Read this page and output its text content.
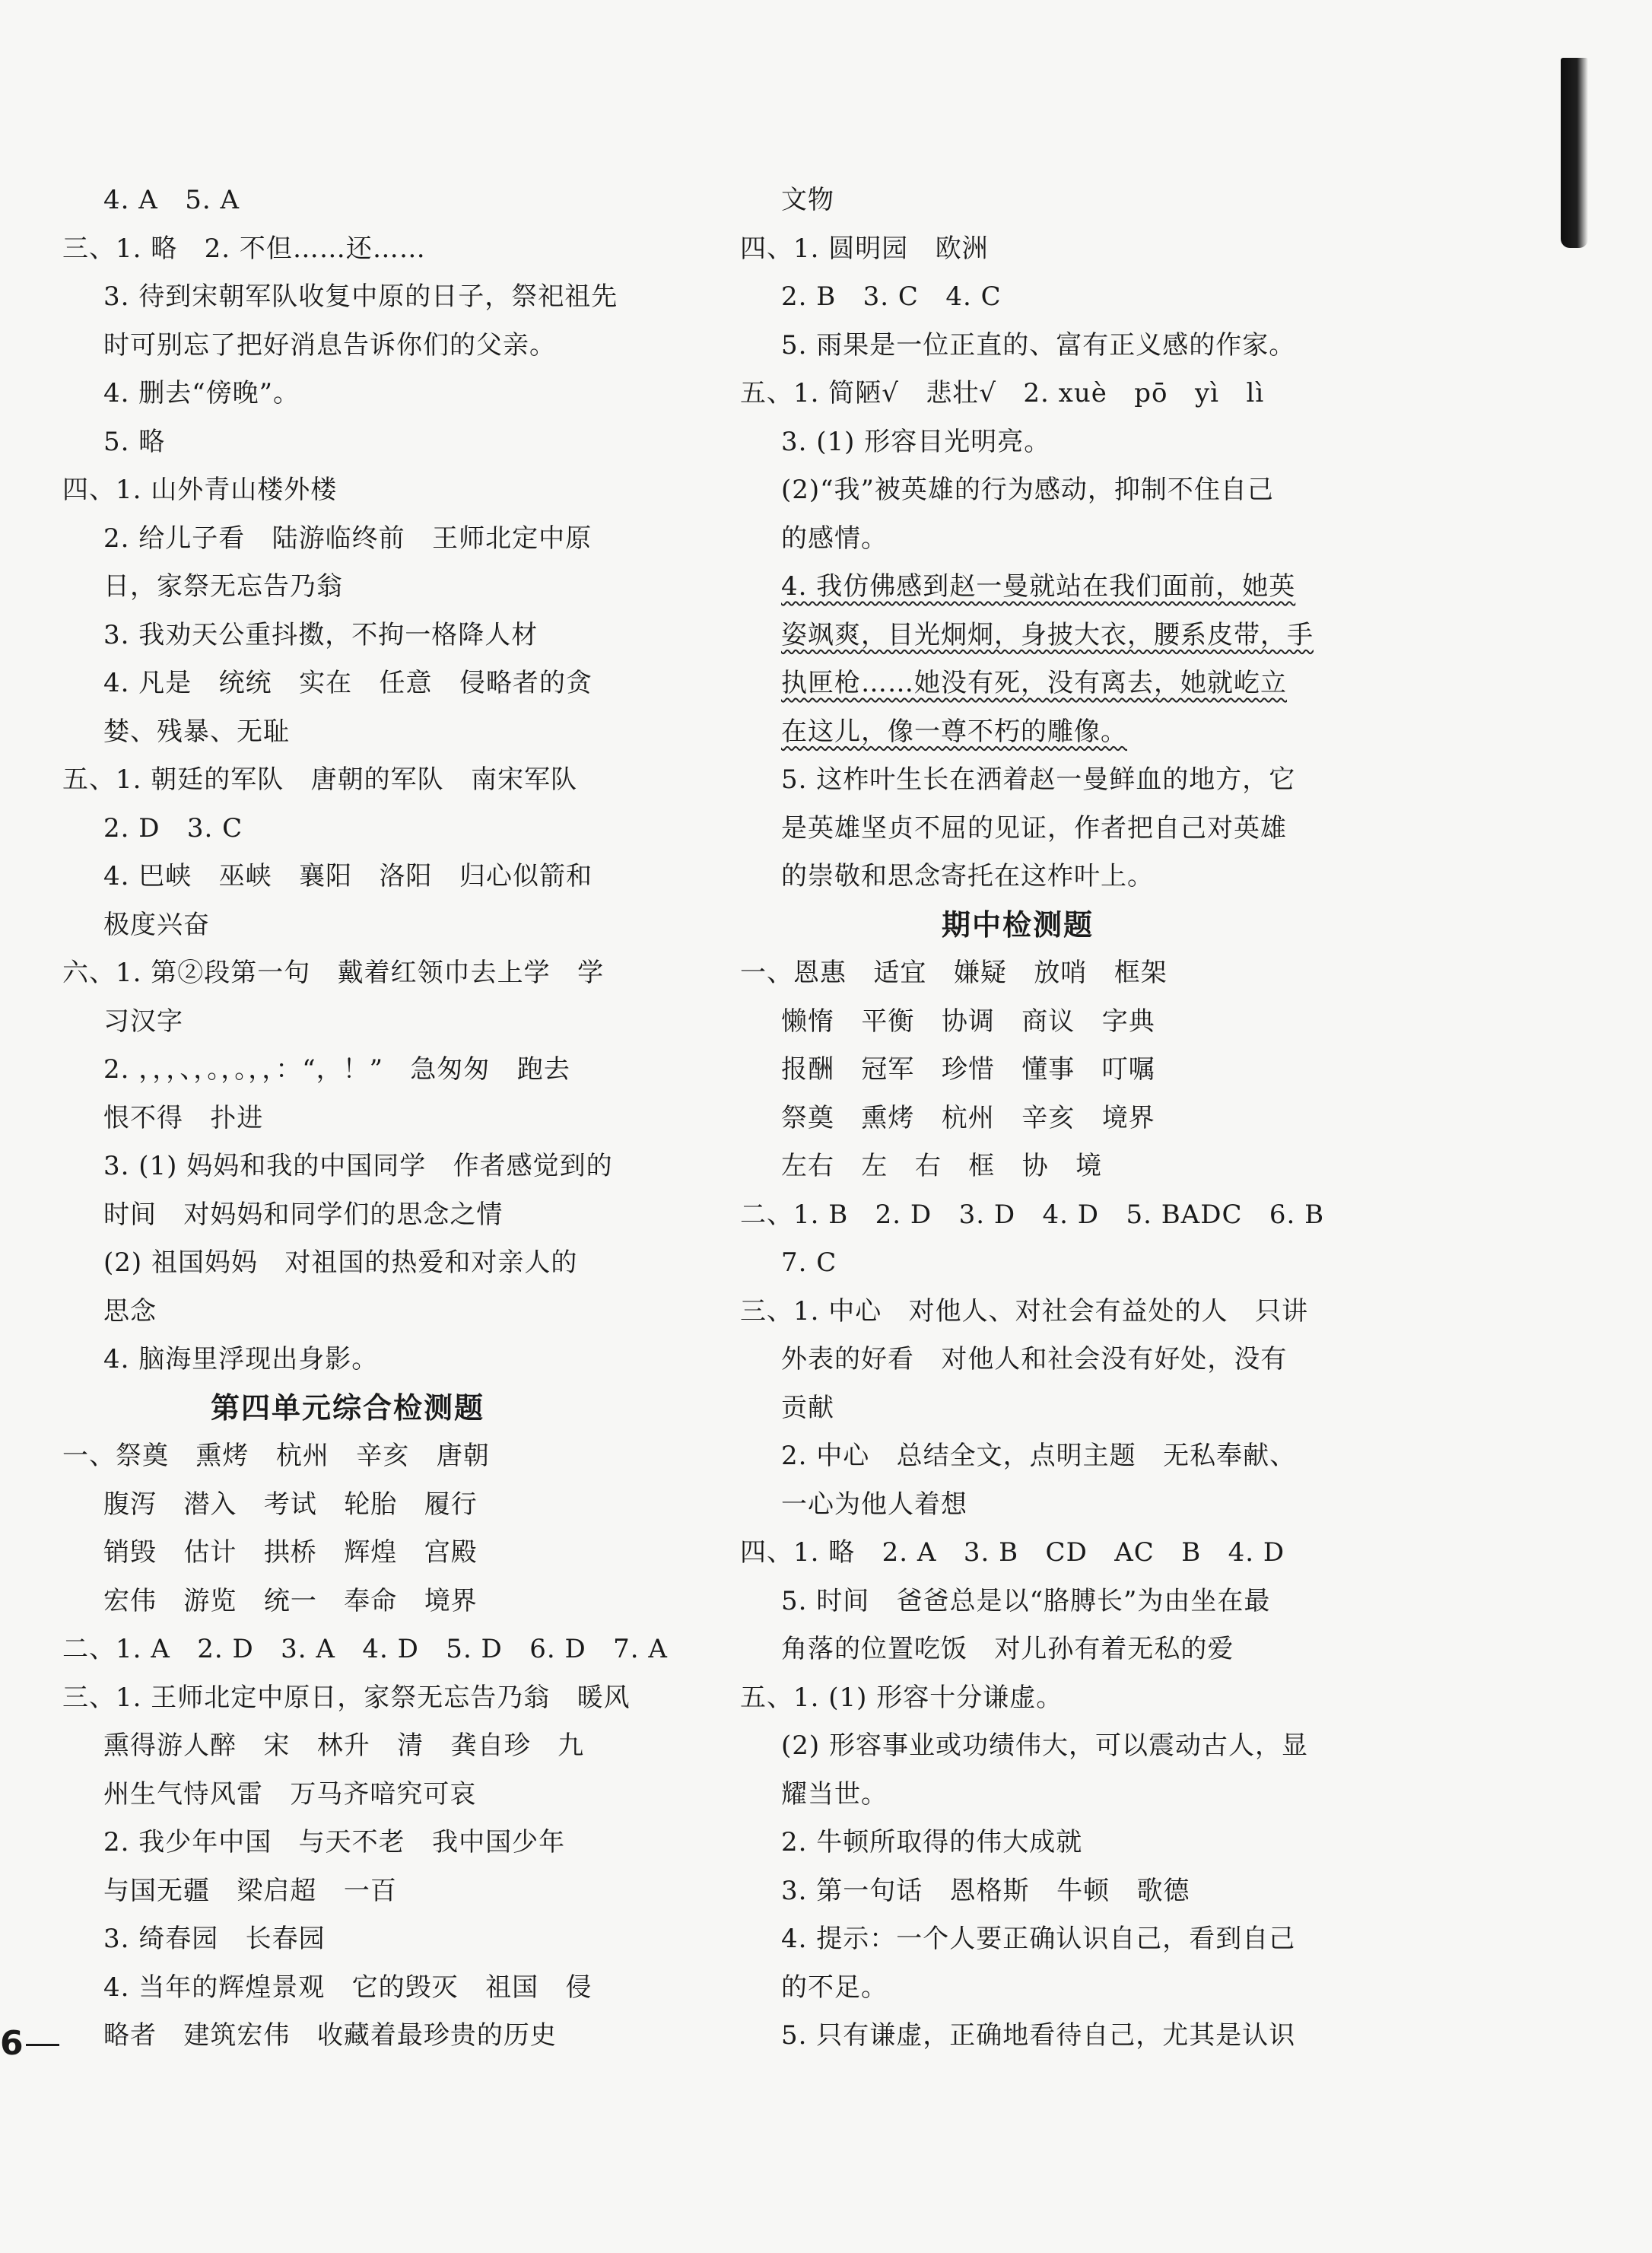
4. A   5. A
三、1. 略   2. 不但……还……
3. 待到宋朝军队收复中原的日子，祭祀祖先
时可别忘了把好消息告诉你们的父亲。
4. 删去“傍晚”。
5. 略
四、1. 山外青山楼外楼
2. 给儿子看   陆游临终前   王师北定中原
日，家祭无忘告乃翁
3. 我劝天公重抖擞，不拘一格降人材
4. 凡是   统统   实在   任意   侵略者的贪
婪、残暴、无耻
五、1. 朝廷的军队   唐朝的军队   南宋军队
2. D   3. C
4. 巴峡   巫峡   襄阳   洛阳   归心似箭和
极度兴奋
六、1. 第②段第一句   戴着红领巾去上学   学
习汉字
2. ，，，、，。，。，，：“，！”   急匆匆   跑去
恨不得   扑进
3. (1) 妈妈和我的中国同学   作者感觉到的
时间   对妈妈和同学们的思念之情
(2) 祖国妈妈   对祖国的热爱和对亲人的
思念
4. 脑海里浮现出身影。
第四单元综合检测题
一、祭奠   熏烤   杭州   辛亥   唐朝
腹泻   潜入   考试   轮胎   履行
销毁   估计   拱桥   辉煌   宫殿
宏伟   游览   统一   奉命   境界
二、1. A   2. D   3. A   4. D   5. D   6. D   7. A
三、1. 王师北定中原日，家祭无忘告乃翁   暖风
熏得游人醉   宋   林升   清   龚自珍   九
州生气恃风雷   万马齐喑究可哀
2. 我少年中国   与天不老   我中国少年
与国无疆   梁启超   一百
3. 绮春园   长春园
4. 当年的辉煌景观   它的毁灭   祖国   侵
略者   建筑宏伟   收藏着最珍贵的历史
文物
四、1. 圆明园   欧洲
2. B   3. C   4. C
5. 雨果是一位正直的、富有正义感的作家。
五、1. 简陋√   悲壮√   2. xuè   pō   yì   lì
3. (1) 形容目光明亮。
(2)“我”被英雄的行为感动，抑制不住自己
的感情。
4. 我仿佛感到赵一曼就站在我们面前，她英
姿飒爽，目光炯炯，身披大衣，腰系皮带，手
执匣枪……她没有死，没有离去，她就屹立
在这儿，像一尊不朽的雕像。
5. 这柞叶生长在洒着赵一曼鲜血的地方，它
是英雄坚贞不屈的见证，作者把自己对英雄
的崇敬和思念寄托在这柞叶上。
期中检测题
一、恩惠   适宜   嫌疑   放哨   框架
懒惰   平衡   协调   商议   字典
报酬   冠军   珍惜   懂事   叮嘱
祭奠   熏烤   杭州   辛亥   境界
左右   左   右   框   协   境
二、1. B   2. D   3. D   4. D   5. BADC   6. B
7. C
三、1. 中心   对他人、对社会有益处的人   只讲
外表的好看   对他人和社会没有好处，没有
贡献
2. 中心   总结全文，点明主题   无私奉献、
一心为他人着想
四、1. 略   2. A   3. B   CD   AC   B   4. D
5. 时间   爸爸总是以“胳膊长”为由坐在最
角落的位置吃饭   对儿孙有着无私的爱
五、1. (1) 形容十分谦虚。
(2) 形容事业或功绩伟大，可以震动古人，显
耀当世。
2. 牛顿所取得的伟大成就
3. 第一句话   恩格斯   牛顿   歌德
4. 提示：一个人要正确认识自己，看到自己
的不足。
5. 只有谦虚，正确地看待自己，尤其是认识
6
